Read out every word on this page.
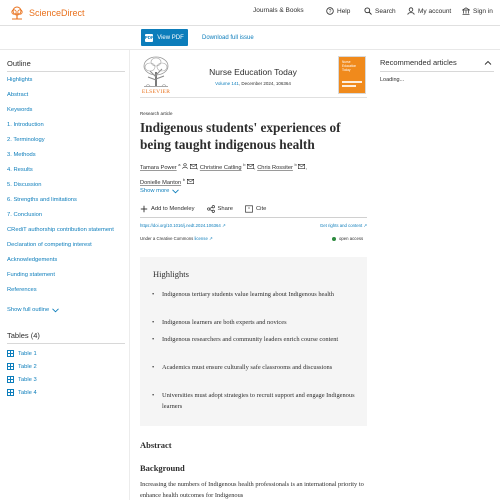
ScienceDirect	Journals & Books	? Help	Search	My account	Sign in
PDF View PDF	Download full issue
Outline
Highlights
Abstract
Keywords
1. Introduction
2. Terminology
3. Methods
4. Results
5. Discussion
6. Strengths and limitations
7. Conclusion
CRediT authorship contribution statement
Declaration of competing interest
Acknowledgements
Funding statement
References
Show full outline
Tables (4)
Table 1
Table 2
Table 3
Table 4
Recommended articles
Loading...
ELSEVIER
Nurse Education Today
Volume 141, December 2024, 106364
Nurse Education Today
Research article
Indigenous students' experiences of being taught indigenous health
Tamara Power $^a$  , Christine Catling $^b$ , Chris Rossiter $^b$ ,
Donielle Manton $^b$
Show more
Add to Mendeley	Share	” Cite
https://doi.org/10.1016/j.nedt.2024.106364 ↗	Get rights and content ↗
Under a Creative Commons license ↗	open access
Highlights
• Indigenous tertiary students value learning about Indigenous health
• Indigenous learners are both experts and novices
• Indigenous researchers and community leaders enrich course content
• Academics must ensure culturally safe classrooms and discussions
• Universities must adopt strategies to recruit support and engage Indigenous learners
Abstract
Background

Increasing the numbers of Indigenous health professionals is an international priority to enhance health outcomes for Indigenous
